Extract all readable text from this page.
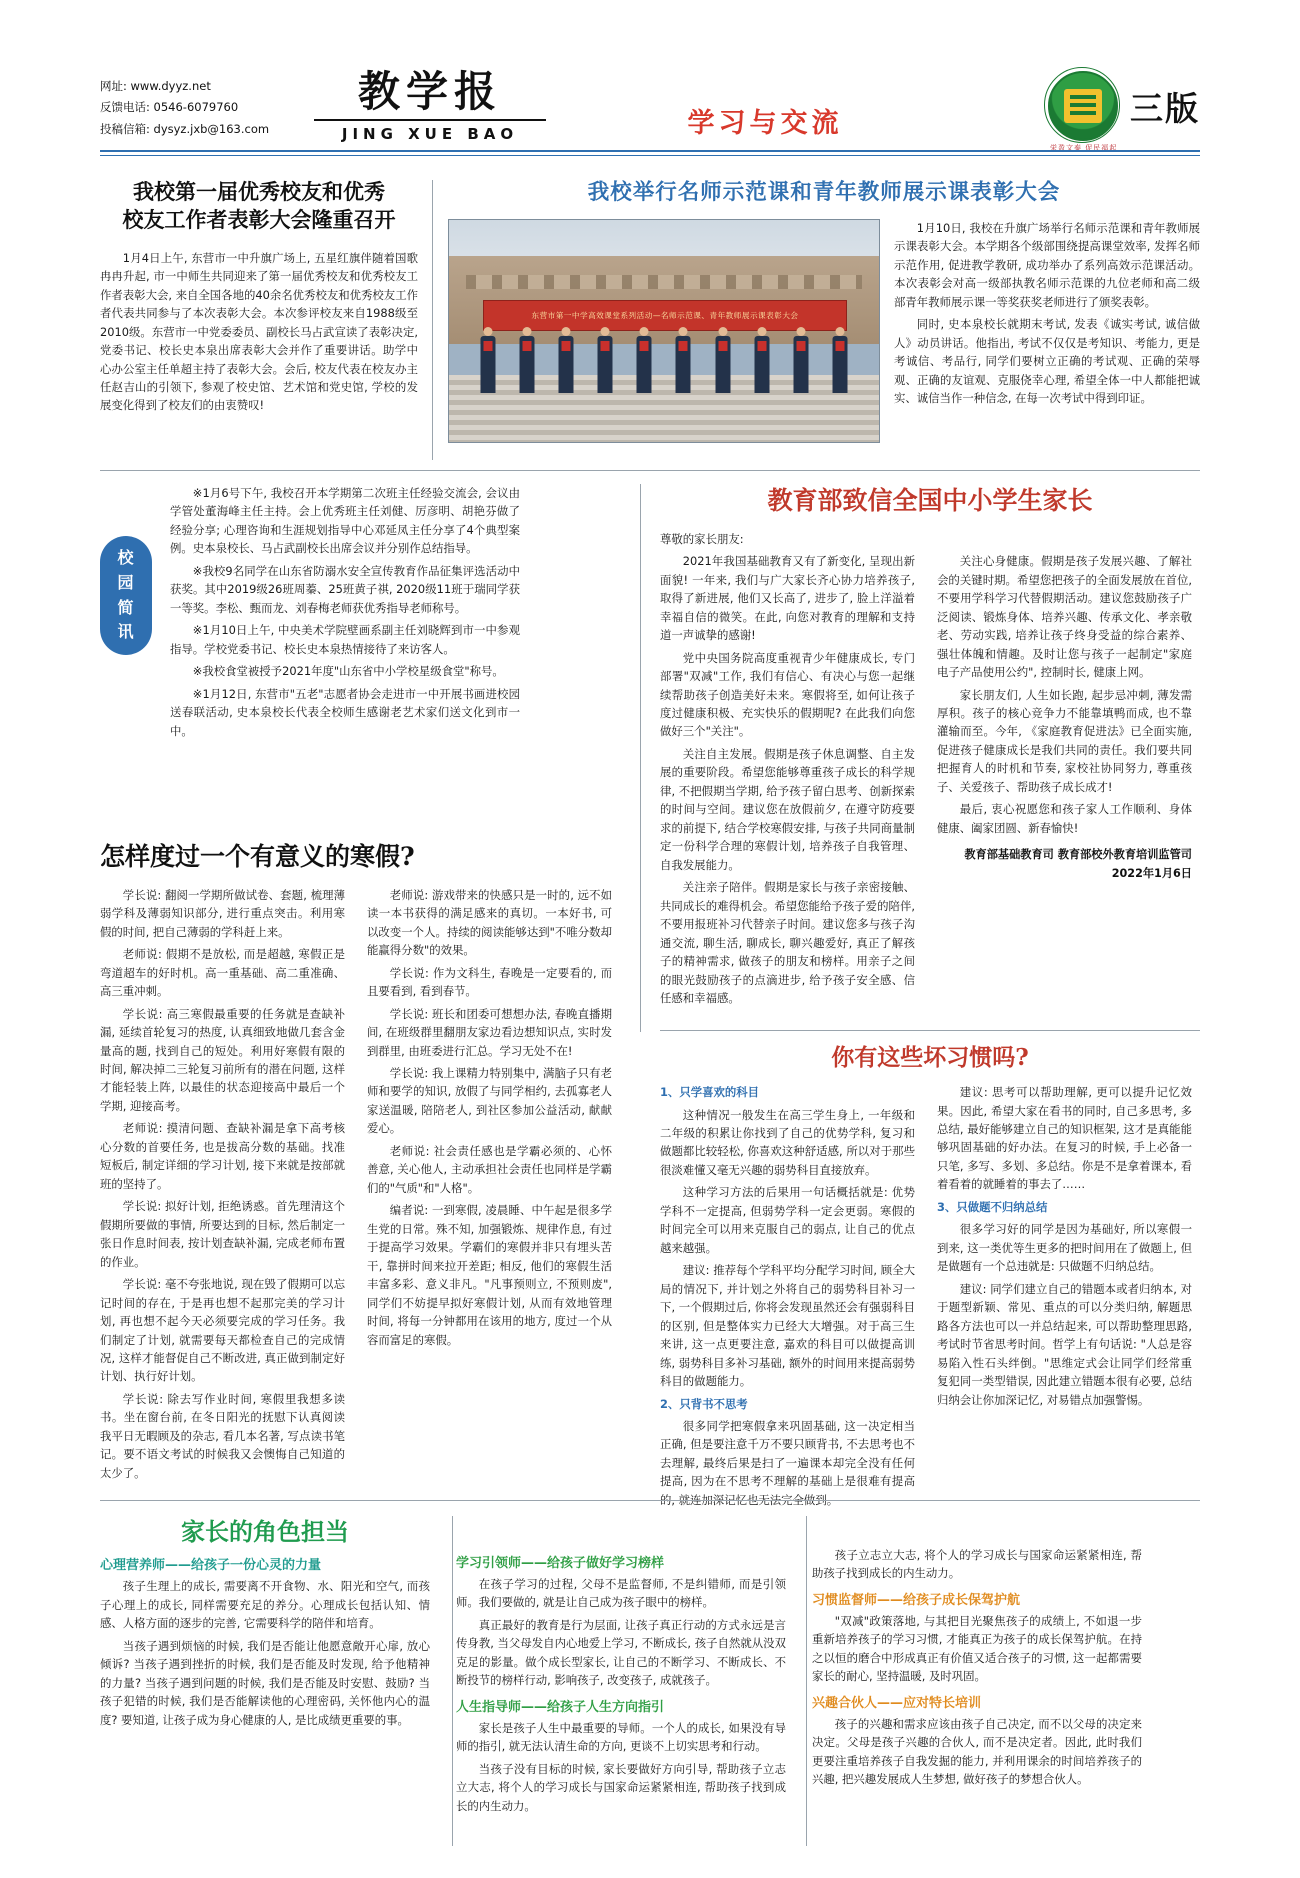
网址: www.dyyz.net
反馈电话: 0546-6079760
投稿信箱: dysyz.jxb@163.com
教学报
JING XUE BAO	学习与交流
栄盈文泰 促民福起
三版
我校第一届优秀校友和优秀
校友工作者表彰大会隆重召开

1月4日上午, 东营市一中升旗广场上, 五星红旗伴随着国歌冉冉升起, 市一中师生共同迎来了第一届优秀校友和优秀校友工作者表彰大会, 来自全国各地的40余名优秀校友和优秀校友工作者代表共同参与了本次表彰大会。本次参评校友来自1988级至2010级。东营市一中党委委员、副校长马占武宣读了表彰决定, 党委书记、校长史本泉出席表彰大会并作了重要讲话。助学中心办公室主任单超主持了表彰大会。会后, 校友代表在校友办主任赵吉山的引领下, 参观了校史馆、艺术馆和党史馆, 学校的发展变化得到了校友们的由衷赞叹!

我校举行名师示范课和青年教师展示课表彰大会
东营市第一中学高效课堂系列活动—名师示范课、青年教师展示课表彰大会

1月10日, 我校在升旗广场举行名师示范课和青年教师展示课表彰大会。本学期各个级部围绕提高课堂效率, 发挥名师示范作用, 促进教学教研, 成功举办了系列高效示范课活动。本次表彰会对高一级部执教名师示范课的九位老师和高二级部青年教师展示课一等奖获奖老师进行了颁奖表彰。

同时, 史本泉校长就期末考试, 发表《诚实考试, 诚信做人》动员讲话。他指出, 考试不仅仅是考知识、考能力, 更是考诚信、考品行, 同学们要树立正确的考试观、正确的荣辱观、正确的友谊观、克服侥幸心理, 希望全体一中人都能把诚实、诚信当作一种信念, 在每一次考试中得到印证。

校
园
简
讯

※1月6号下午, 我校召开本学期第二次班主任经验交流会, 会议由学管处董海峰主任主持。会上优秀班主任刘健、厉彦明、胡艳芬做了经验分享; 心理咨询和生涯规划指导中心邓延凤主任分享了4个典型案例。史本泉校长、马占武副校长出席会议并分别作总结指导。

※我校9名同学在山东省防溺水安全宣传教育作品征集评选活动中获奖。其中2019级26班周蓁、25班黄子祺, 2020级11班于瑞同学获一等奖。李松、甄而龙、刘春梅老师获优秀指导老师称号。

※1月10日上午, 中央美术学院壁画系副主任刘晓辉到市一中参观指导。学校党委书记、校长史本泉热情接待了来访客人。

※我校食堂被授予2021年度"山东省中小学校星级食堂"称号。

※1月12日, 东营市"五老"志愿者协会走进市一中开展书画进校园送春联活动, 史本泉校长代表全校师生感谢老艺术家们送文化到市一中。

怎样度过一个有意义的寒假?

学长说: 翻阅一学期所做试卷、套题, 梳理薄弱学科及薄弱知识部分, 进行重点突击。利用寒假的时间, 把自己薄弱的学科赶上来。

老师说: 假期不是放松, 而是超越, 寒假正是弯道超车的好时机。高一重基础、高二重准确、高三重冲刺。

学长说: 高三寒假最重要的任务就是查缺补漏, 延续首轮复习的热度, 认真细致地做几套含金量高的题, 找到自己的短处。利用好寒假有限的时间, 解决掉二三轮复习前所有的潜在问题, 这样才能轻装上阵, 以最佳的状态迎接高中最后一个学期, 迎接高考。

老师说: 摸清问题、查缺补漏是拿下高考核心分数的首要任务, 也是拔高分数的基础。找准短板后, 制定详细的学习计划, 接下来就是按部就班的坚持了。

学长说: 拟好计划, 拒绝诱惑。首先理清这个假期所要做的事情, 所要达到的目标, 然后制定一张日作息时间表, 按计划查缺补漏, 完成老师布置的作业。

学长说: 毫不夸张地说, 现在毁了假期可以忘记时间的存在, 于是再也想不起那完美的学习计划, 再也想不起今天必须要完成的学习任务。我们制定了计划, 就需要每天都检查自己的完成情况, 这样才能督促自己不断改进, 真正做到制定好计划、执行好计划。

学长说: 除去写作业时间, 寒假里我想多读书。坐在窗台前, 在冬日阳光的抚慰下认真阅读我平日无暇顾及的杂志, 看几本名著, 写点读书笔记。要不语文考试的时候我又会懊悔自己知道的太少了。

老师说: 游戏带来的快感只是一时的, 远不如读一本书获得的满足感来的真切。一本好书, 可以改变一个人。持续的阅读能够达到"不唯分数却能赢得分数"的效果。

学长说: 作为文科生, 春晚是一定要看的, 而且要看到, 看到春节。

学长说: 班长和团委可想想办法, 春晚直播期间, 在班级群里翻朋友家边看边想知识点, 实时发到群里, 由班委进行汇总。学习无处不在!

学长说: 我上课精力特别集中, 满脑子只有老师和要学的知识, 放假了与同学相约, 去孤寡老人家送温暖, 陪陪老人, 到社区参加公益活动, 献献爱心。

老师说: 社会责任感也是学霸必须的、心怀善意, 关心他人, 主动承担社会责任也同样是学霸们的"气质"和"人格"。

编者说: 一到寒假, 凌晨睡、中午起是很多学生党的日常。殊不知, 加强锻炼、规律作息, 有过于提高学习效果。学霸们的寒假并非只有埋头苦干, 靠拼时间来拉开差距; 相反, 他们的寒假生活丰富多彩、意义非凡。"凡事预则立, 不预则废", 同学们不妨提早拟好寒假计划, 从而有效地管理时间, 将每一分钟都用在该用的地方, 度过一个从容而富足的寒假。

教育部致信全国中小学生家长

尊敬的家长朋友:

2021年我国基础教育又有了新变化, 呈现出新面貌! 一年来, 我们与广大家长齐心协力培养孩子, 取得了新进展, 他们又长高了, 进步了, 脸上洋溢着幸福自信的微笑。在此, 向您对教育的理解和支持道一声诚挚的感谢!

党中央国务院高度重视青少年健康成长, 专门部署"双减"工作, 我们有信心、有决心与您一起继续帮助孩子创造美好未来。寒假将至, 如何让孩子度过健康积极、充实快乐的假期呢? 在此我们向您做好三个"关注"。

关注自主发展。假期是孩子休息调整、自主发展的重要阶段。希望您能够尊重孩子成长的科学规律, 不把假期当学期, 给予孩子留白思考、创新探索的时间与空间。建议您在放假前夕, 在遵守防疫要求的前提下, 结合学校寒假安排, 与孩子共同商量制定一份科学合理的寒假计划, 培养孩子自我管理、自我发展能力。

关注亲子陪伴。假期是家长与孩子亲密接触、共同成长的难得机会。希望您能给予孩子爱的陪伴, 不要用报班补习代替亲子时间。建议您多与孩子沟通交流, 聊生活, 聊成长, 聊兴趣爱好, 真正了解孩子的精神需求, 做孩子的朋友和榜样。用亲子之间的眼光鼓励孩子的点滴进步, 给予孩子安全感、信任感和幸福感。

关注心身健康。假期是孩子发展兴趣、了解社会的关键时期。希望您把孩子的全面发展放在首位, 不要用学科学习代替假期活动。建议您鼓励孩子广泛阅读、锻炼身体、培养兴趣、传承文化、孝亲敬老、劳动实践, 培养让孩子终身受益的综合素养、强壮体魄和情趣。及时让您与孩子一起制定"家庭电子产品使用公约", 控制时长, 健康上网。

家长朋友们, 人生如长跑, 起步忌冲刺, 薄发需厚积。孩子的核心竞争力不能靠填鸭而成, 也不靠灌输而至。今年, 《家庭教育促进法》已全面实施, 促进孩子健康成长是我们共同的责任。我们要共同把握育人的时机和节奏, 家校社协同努力, 尊重孩子、关爱孩子、帮助孩子成长成才!

最后, 衷心祝愿您和孩子家人工作顺利、身体健康、阖家团圆、新春愉快!

教育部基础教育司 教育部校外教育培训监管司
2022年1月6日
你有这些坏习惯吗?

1、只学喜欢的科目

这种情况一般发生在高三学生身上, 一年级和二年级的积累让你找到了自己的优势学科, 复习和做题都比较轻松, 你喜欢这种舒适感, 所以对于那些很淡难懂又毫无兴趣的弱势科目直接放弃。

这种学习方法的后果用一句话概括就是: 优势学科不一定提高, 但弱势学科一定会更弱。寒假的时间完全可以用来克服自己的弱点, 让自己的优点越来越强。

建议: 推荐每个学科平均分配学习时间, 顾全大局的情况下, 并计划之外将自己的弱势科目补习一下, 一个假期过后, 你将会发现虽然还会有强弱科目的区别, 但是整体实力已经大大增强。对于高三生来讲, 这一点更要注意, 嘉欢的科目可以做提高训练, 弱势科目多补习基础, 额外的时间用来提高弱势科目的做题能力。

2、只背书不思考

很多同学把寒假拿来巩固基础, 这一决定相当正确, 但是要注意千万不要只顾背书, 不去思考也不去理解, 最终后果是扫了一遍课本却完全没有任何提高, 因为在不思考不理解的基础上是很难有提高的, 就连加深记忆也无法完全做到。

建议: 思考可以帮助理解, 更可以提升记忆效果。因此, 希望大家在看书的同时, 自己多思考, 多总结, 最好能够建立自己的知识框架, 这才是真能能够巩固基础的好办法。在复习的时候, 手上必备一只笔, 多写、多划、多总结。你是不是拿着课本, 看着看着的就睡着的事去了……

3、只做题不归纳总结

很多学习好的同学是因为基础好, 所以寒假一到来, 这一类优等生更多的把时间用在了做题上, 但是做题有一个总违就是: 只做题不归纳总结。

建议: 同学们建立自己的错题本或者归纳本, 对于题型新颖、常见、重点的可以分类归纳, 解题思路各方法也可以一并总结起来, 可以帮助整理思路, 考试时节省思考时间。哲学上有句话说: "人总是容易陷入性石头绊倒。"思维定式会让同学们经常重复犯同一类型错误, 因此建立错题本很有必要, 总结归纳会让你加深记忆, 对易错点加强警惕。

家长的角色担当
心理营养师——给孩子一份心灵的力量

孩子生理上的成长, 需要离不开食物、水、阳光和空气, 而孩子心理上的成长, 同样需要充足的养分。心理成长包括认知、情感、人格方面的逐步的完善, 它需要科学的陪伴和培育。

当孩子遇到烦恼的时候, 我们是否能让他愿意敞开心扉, 放心倾诉? 当孩子遇到挫折的时候, 我们是否能及时发现, 给予他精神的力量? 当孩子遇到问题的时候, 我们是否能及时安慰、鼓励? 当孩子犯错的时候, 我们是否能解读他的心理密码, 关怀他内心的温度? 要知道, 让孩子成为身心健康的人, 是比成绩更重要的事。

学习引领师——给孩子做好学习榜样

在孩子学习的过程, 父母不是监督师, 不是纠错师, 而是引领师。我们要做的, 就是让自己成为孩子眼中的榜样。

真正最好的教育是行为层面, 让孩子真正行动的方式永远是言传身教, 当父母发自内心地爱上学习, 不断成长, 孩子自然就从没双克足的影量。做个成长型家长, 让自己的不断学习、不断成长、不断投节的榜样行动, 影响孩子, 改变孩子, 成就孩子。

人生指导师——给孩子人生方向指引

家长是孩子人生中最重要的导师。一个人的成长, 如果没有导师的指引, 就无法认清生命的方向, 更谈不上切实思考和行动。

当孩子没有目标的时候, 家长要做好方向引导, 帮助孩子立志立大志, 将个人的学习成长与国家命运紧紧相连, 帮助孩子找到成长的内生动力。

孩子立志立大志, 将个人的学习成长与国家命运紧紧相连, 帮助孩子找到成长的内生动力。

习惯监督师——给孩子成长保驾护航

"双减"政策落地, 与其把目光聚焦孩子的成绩上, 不如退一步重新培养孩子的学习习惯, 才能真正为孩子的成长保驾护航。在持之以恒的磨合中形成真正有价值又适合孩子的习惯, 这一起都需要家长的耐心, 坚持温暖, 及时巩固。

兴趣合伙人——应对特长培训

孩子的兴趣和需求应该由孩子自己决定, 而不以父母的决定来决定。父母是孩子兴趣的合伙人, 而不是决定者。因此, 此时我们更要注重培养孩子自我发掘的能力, 并利用课余的时间培养孩子的兴趣, 把兴趣发展成人生梦想, 做好孩子的梦想合伙人。
